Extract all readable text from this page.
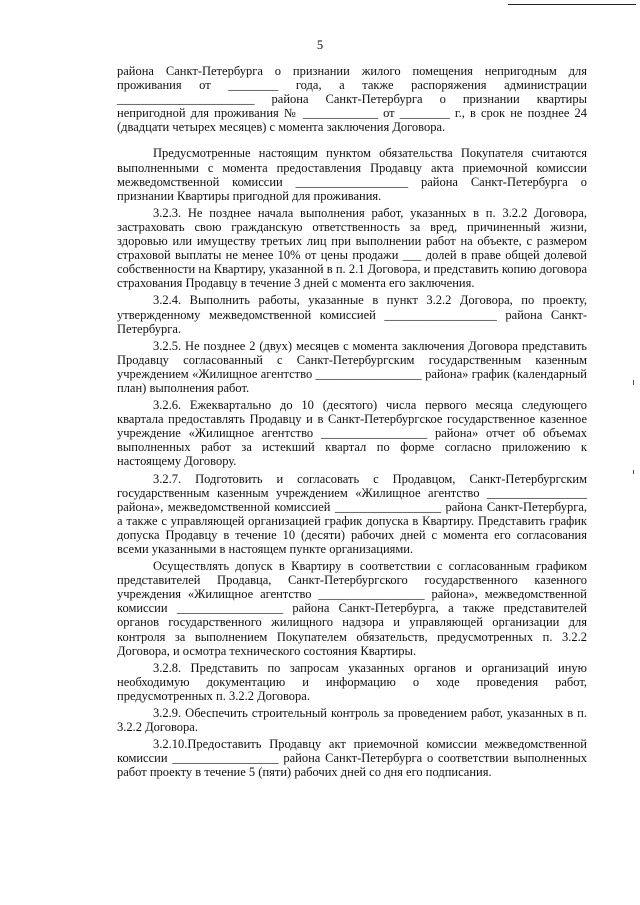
5

района Санкт-Петербурга о признании жилого помещения непригодным для проживания от ________ года, а также распоряжения администрации ______________________ района Санкт-Петербурга о признании квартиры непригодной для проживания № ____________ от ________ г., в срок не позднее 24 (двадцати четырех месяцев) с момента заключения Договора.

Предусмотренные настоящим пунктом обязательства Покупателя считаются выполненными с момента предоставления Продавцу акта приемочной комиссии межведомственной комиссии __________________ района Санкт-Петербурга о признании Квартиры пригодной для проживания.

3.2.3. Не позднее начала выполнения работ, указанных в п. 3.2.2 Договора, застраховать свою гражданскую ответственность за вред, причиненный жизни, здоровью или имуществу третьих лиц при выполнении работ на объекте, с размером страховой выплаты не менее 10% от цены продажи ___ долей в праве общей долевой собственности на Квартиру, указанной в п. 2.1 Договора, и представить копию договора страхования Продавцу в течение 3 дней с момента его заключения.

3.2.4. Выполнить работы, указанные в пункт 3.2.2 Договора, по проекту, утвержденному межведомственной комиссией __________________ района Санкт-Петербурга.

3.2.5. Не позднее 2 (двух) месяцев с момента заключения Договора представить Продавцу согласованный с Санкт-Петербургским государственным казенным учреждением «Жилищное агентство _________________ района» график (календарный план) выполнения работ.

3.2.6. Ежеквартально до 10 (десятого) числа первого месяца следующего квартала предоставлять Продавцу и в Санкт-Петербургское государственное казенное учреждение «Жилищное агентство _________________ района» отчет об объемах выполненных работ за истекший квартал по форме согласно приложению к настоящему Договору.

3.2.7. Подготовить и согласовать с Продавцом, Санкт-Петербургским государственным казенным учреждением «Жилищное агентство ________________ района», межведомственной комиссией _________________ района Санкт-Петербурга, а также с управляющей организацией график допуска в Квартиру. Представить график допуска Продавцу в течение 10 (десяти) рабочих дней с момента его согласования всеми указанными в настоящем пункте организациями.

Осуществлять допуск в Квартиру в соответствии с согласованным графиком представителей Продавца, Санкт-Петербургского государственного казенного учреждения «Жилищное агентство _________________ района», межведомственной комиссии _________________ района Санкт-Петербурга, а также представителей органов государственного жилищного надзора и управляющей организации для контроля за выполнением Покупателем обязательств, предусмотренных п. 3.2.2 Договора, и осмотра технического состояния Квартиры.

3.2.8. Представить по запросам указанных органов и организаций иную необходимую документацию и информацию о ходе проведения работ, предусмотренных п. 3.2.2 Договора.

3.2.9. Обеспечить строительный контроль за проведением работ, указанных в п. 3.2.2 Договора.

3.2.10.Предоставить Продавцу акт приемочной комиссии межведомственной комиссии _________________ района Санкт-Петербурга о соответствии выполненных работ проекту в течение 5 (пяти) рабочих дней со дня его подписания.
